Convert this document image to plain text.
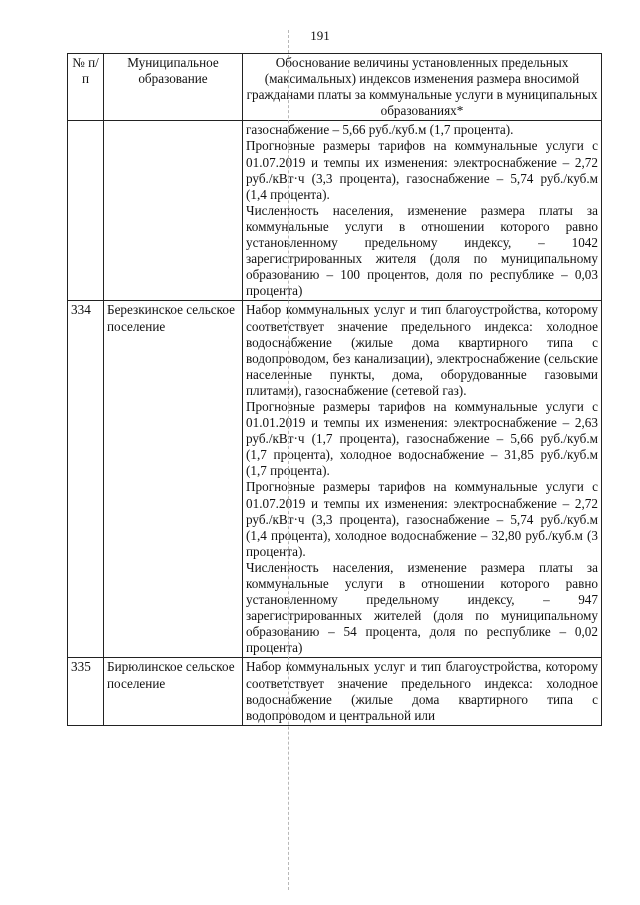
191
№ п/п	Муниципальное образование	Обоснование величины установленных предельных (максимальных) индексов изменения размера вносимой гражданами платы за коммунальные услуги в муниципальных образованиях*

		газоснабжение – 5,66 руб./куб.м (1,7 процента).

Прогнозные размеры тарифов на коммунальные услуги с 01.07.2019 и темпы их изменения: электроснабжение – 2,72 руб./кВт·ч (3,3 процента), газоснабжение – 5,74 руб./куб.м (1,4 процента).

Численность населения, изменение размера платы за коммунальные услуги в отношении которого равно установленному предельному индексу, – 1042 зарегистрированных жителя (доля по муниципальному образованию – 100 процентов, доля по республике – 0,03 процента)

334	Березкинское сельское поселение	Набор коммунальных услуг и тип благоустройства, которому соответствует значение предельного индекса: холодное водоснабжение (жилые дома квартирного типа с водопроводом, без канализации), электроснабжение (сельские населенные пункты, дома, оборудованные газовыми плитами), газоснабжение (сетевой газ).

Прогнозные размеры тарифов на коммунальные услуги с 01.01.2019 и темпы их изменения: электроснабжение – 2,63 руб./кВт·ч (1,7 процента), газоснабжение – 5,66 руб./куб.м (1,7 процента), холодное водоснабжение – 31,85 руб./куб.м (1,7 процента).

Прогнозные размеры тарифов на коммунальные услуги с 01.07.2019 и темпы их изменения: электроснабжение – 2,72 руб./кВт·ч (3,3 процента), газоснабжение – 5,74 руб./куб.м (1,4 процента), холодное водоснабжение – 32,80 руб./куб.м (3 процента).

Численность населения, изменение размера платы за коммунальные услуги в отношении которого равно установленному предельному индексу, – 947 зарегистрированных жителей (доля по муниципальному образованию – 54 процента, доля по республике – 0,02 процента)

335	Бирюлинское сельское поселение	Набор коммунальных услуг и тип благоустройства, которому соответствует значение предельного индекса: холодное водоснабжение (жилые дома квартирного типа с водопроводом и центральной или
